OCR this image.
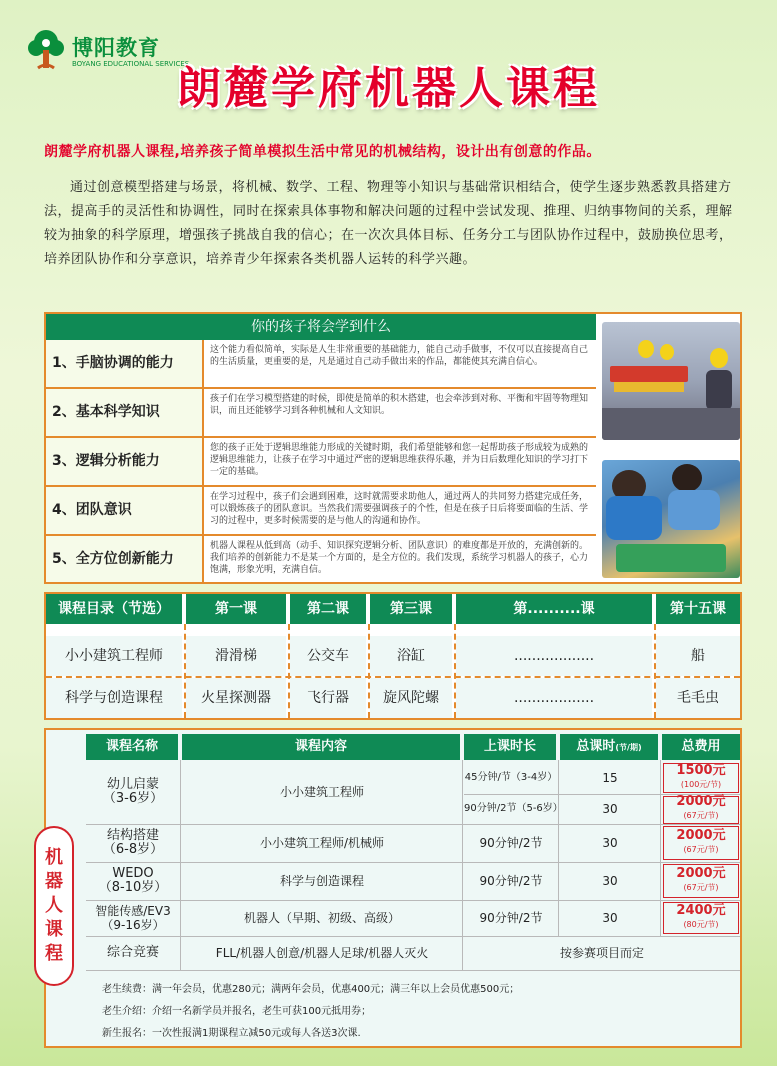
博阳教育
BOYANG EDUCATIONAL SERVICES
朗麓学府机器人课程
朗麓学府机器人课程,培养孩子简单模拟生活中常见的机械结构，设计出有创意的作品。
通过创意模型搭建与场景，将机械、数学、工程、物理等小知识与基础常识相结合，使学生逐步熟悉教具搭建方法，提高手的灵活性和协调性，同时在探索具体事物和解决问题的过程中尝试发现、推理、归纳事物间的关系，理解较为抽象的科学原理，增强孩子挑战自我的信心；在一次次具体目标、任务分工与团队协作过程中，鼓励换位思考，培养团队协作和分享意识，培养青少年探索各类机器人运转的科学兴趣。
你的孩子将会学到什么
1、手脑协调的能力
这个能力看似简单，实际是人生非常重要的基础能力，能自己动手做事，不仅可以直接提高自己的生活质量，更重要的是，凡是通过自己动手做出来的作品，都能使其充满自信心。
2、基本科学知识
孩子们在学习模型搭建的时候，即使是简单的积木搭建，也会牵涉到对称、平衡和牢固等物理知识，而且还能够学习到各种机械和人文知识。
3、逻辑分析能力
您的孩子正处于逻辑思维能力形成的关键时期，我们希望能够和您一起帮助孩子形成较为成熟的逻辑思维能力，让孩子在学习中通过严密的逻辑思维获得乐趣，并为日后数理化知识的学习打下一定的基础。
4、团队意识
在学习过程中，孩子们会遇到困难，这时就需要求助他人，通过两人的共同努力搭建完成任务，可以锻炼孩子的团队意识。当然我们需要强调孩子的个性，但是在孩子日后将要面临的生活、学习的过程中，更多时候需要的是与他人的沟通和协作。
5、全方位创新能力
机器人课程从低到高（动手、知识探究逻辑分析、团队意识）的难度都是开放的，充满创新的。我们培养的创新能力不是某一个方面的，是全方位的。我们发现，系统学习机器人的孩子，心力饱满，形象光明，充满自信。
课程目录（节选）	第一课	第二课	第三课	第..........课	第十五课
小小建筑工程师	滑滑梯	公交车	浴缸	..................	船
科学与创造课程	火星探测器	飞行器	旋风陀螺	..................	毛毛虫
机
器
人
课
程
课程名称	课程内容	上课时长	总课时(节/期)	总费用
幼儿启蒙
（3-6岁）	小小建筑工程师
45分钟/节（3-4岁）	15	1500元
(100元/节)
90分钟/2节（5-6岁）	30	2000元
(67元/节)
结构搭建
（6-8岁）	小小建筑工程师/机械师	90分钟/2节	30	2000元
(67元/节)
WEDO
（8-10岁）	科学与创造课程	90分钟/2节	30	2000元
(67元/节)
智能传感/EV3
（9-16岁）	机器人（早期、初级、高级）	90分钟/2节	30	2400元
(80元/节)
综合竞赛	FLL/机器人创意/机器人足球/机器人灭火	按参赛项目而定
老生续费：满一年会员，优惠280元；满两年会员，优惠400元；满三年以上会员优惠500元；
老生介绍：介绍一名新学员并报名，老生可获100元抵用券；
新生报名：一次性报满1期课程立减50元或每人各送3次课.
